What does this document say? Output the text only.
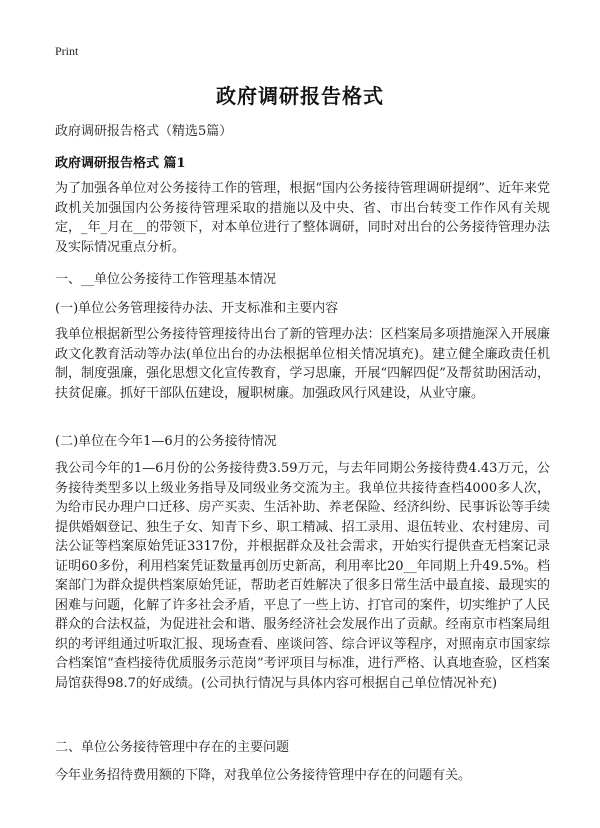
Print
政府调研报告格式
政府调研报告格式（精选5篇）
政府调研报告格式 篇1
为了加强各单位对公务接待工作的管理，根据“国内公务接待管理调研提纲”、近年来党政机关加强国内公务接待管理采取的措施以及中央、省、市出台转变工作作风有关规定，_年_月在__的带领下，对本单位进行了整体调研，同时对出台的公务接待管理办法及实际情况重点分析。
一、__单位公务接待工作管理基本情况
(一)单位公务管理接待办法、开支标准和主要内容
我单位根据新型公务接待管理接待出台了新的管理办法：区档案局多项措施深入开展廉政文化教育活动等办法(单位出台的办法根据单位相关情况填充)。建立健全廉政责任机制，制度强廉，强化思想文化宣传教育，学习思廉，开展“四解四促”及帮贫助困活动，扶贫促廉。抓好干部队伍建设，履职树廉。加强政风行风建设，从业守廉。
(二)单位在今年1—6月的公务接待情况
我公司今年的1—6月份的公务接待费3.59万元，与去年同期公务接待费4.43万元，公务接待类型多以上级业务指导及同级业务交流为主。我单位共接待查档4000多人次，为给市民办理户口迁移、房产买卖、生活补助、养老保险、经济纠纷、民事诉讼等手续提供婚姻登记、独生子女、知青下乡、职工精减、招工录用、退伍转业、农村建房、司法公证等档案原始凭证3317份，并根据群众及社会需求，开始实行提供查无档案记录证明60多份，利用档案凭证数量再创历史新高，利用率比20__年同期上升49.5%。档案部门为群众提供档案原始凭证，帮助老百姓解决了很多日常生活中最直接、最现实的困难与问题，化解了许多社会矛盾，平息了一些上访、打官司的案件，切实维护了人民群众的合法权益，为促进社会和谐、服务经济社会发展作出了贡献。经南京市档案局组织的考评组通过听取汇报、现场查看、座谈问答、综合评议等程序，对照南京市国家综合档案馆“查档接待优质服务示范岗”考评项目与标准，进行严格、认真地查验，区档案局馆获得98.7的好成绩。(公司执行情况与具体内容可根据自己单位情况补充)
二、单位公务接待管理中存在的主要问题
今年业务招待费用额的下降，对我单位公务接待管理中存在的问题有关。
